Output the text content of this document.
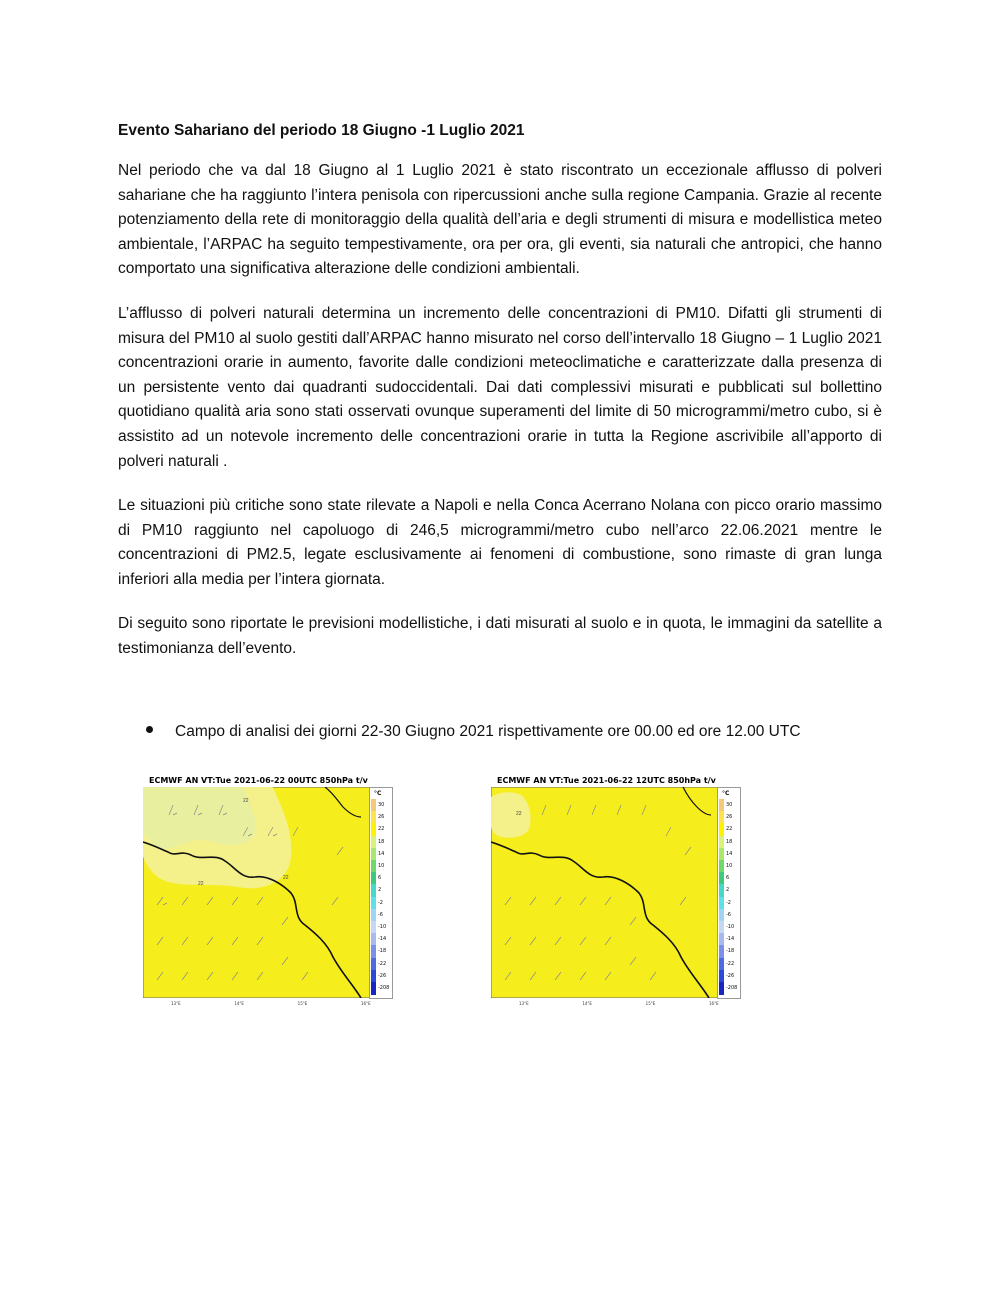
Evento Sahariano del periodo 18 Giugno -1 Luglio 2021

Nel periodo che va dal 18 Giugno al 1 Luglio 2021 è stato riscontrato un eccezionale afflusso di polveri sahariane che ha raggiunto l’intera penisola con ripercussioni anche sulla regione Campania. Grazie al recente potenziamento della rete di monitoraggio della qualità dell’aria e degli strumenti di misura e modellistica meteo ambientale, l’ARPAC ha seguito tempestivamente, ora per ora, gli eventi, sia naturali che antropici, che hanno comportato una significativa alterazione delle condizioni ambientali.

L’afflusso di polveri naturali determina un incremento delle concentrazioni di PM10. Difatti gli strumenti di misura del PM10 al suolo gestiti dall’ARPAC hanno misurato nel corso dell’intervallo 18 Giugno – 1 Luglio 2021 concentrazioni orarie in aumento, favorite dalle condizioni meteoclimatiche e caratterizzate dalla presenza di un persistente vento dai quadranti sudoccidentali. Dai dati complessivi misurati e pubblicati sul bollettino quotidiano qualità aria sono stati osservati ovunque superamenti del limite di 50 microgrammi/metro cubo, si è assistito ad un notevole incremento delle concentrazioni orarie in tutta la Regione ascrivibile all’apporto di polveri naturali .

Le situazioni più critiche sono state rilevate a Napoli e nella Conca Acerrano Nolana con picco orario massimo di PM10 raggiunto nel capoluogo di 246,5 microgrammi/metro cubo nell’arco 22.06.2021 mentre le concentrazioni di PM2.5, legate esclusivamente ai fenomeni di combustione, sono rimaste di gran lunga inferiori alla media per l’intera giornata.

Di seguito sono riportate le previsioni modellistiche, i dati misurati al suolo e in quota, le immagini da satellite a testimonianza dell’evento.

Campo di analisi dei giorni 22-30 Giugno 2021 rispettivamente ore 00.00 ed ore 12.00 UTC
ECMWF AN VT:Tue 2021-06-22 00UTC 850hPa t/v
22
22
22
°C
30
26
22
18
14
10
6
2
-2
-6
-10
-14
-18
-22
-26
-208
13°E	14°E	15°E	16°E
ECMWF AN VT:Tue 2021-06-22 12UTC 850hPa t/v
22
°C
30
26
22
18
14
10
6
2
-2
-6
-10
-14
-18
-22
-26
-208
13°E	14°E	15°E	16°E
